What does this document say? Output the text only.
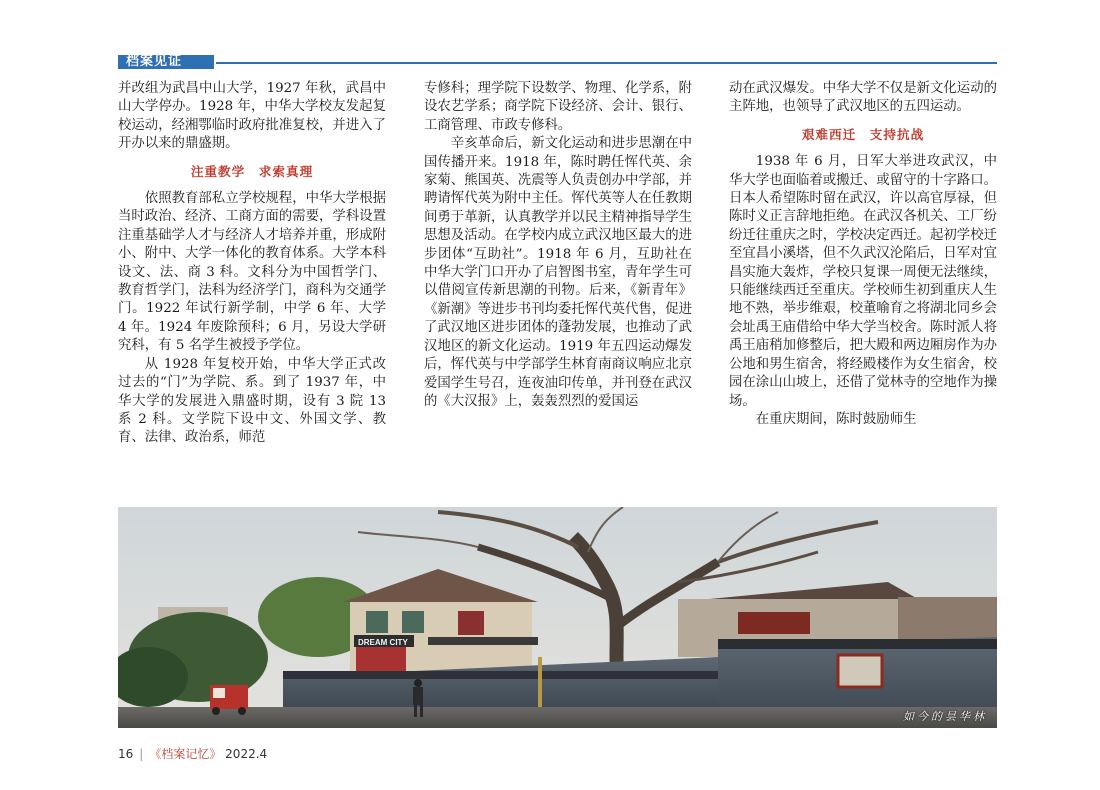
档案见证

并改组为武昌中山大学，1927 年秋，武昌中山大学停办。1928 年，中华大学校友发起复校运动，经湘鄂临时政府批准复校，并进入了开办以来的鼎盛期。

注重教学　求索真理

依照教育部私立学校规程，中华大学根据当时政治、经济、工商方面的需要，学科设置注重基础学人才与经济人才培养并重，形成附小、附中、大学一体化的教育体系。大学本科设文、法、商 3 科。文科分为中国哲学门、教育哲学门，法科为经济学门，商科为交通学门。1922 年试行新学制，中学 6 年、大学 4 年。1924 年废除预科；6 月，另设大学研究科，有 5 名学生被授予学位。

从 1928 年复校开始，中华大学正式改过去的“门”为学院、系。到了 1937 年，中华大学的发展进入鼎盛时期，设有 3 院 13 系 2 科。文学院下设中文、外国文学、教育、法律、政治系，师范

专修科；理学院下设数学、物理、化学系，附设农艺学系；商学院下设经济、会计、银行、工商管理、市政专修科。

辛亥革命后，新文化运动和进步思潮在中国传播开来。1918 年，陈时聘任恽代英、余家菊、熊国英、冼震等人负责创办中学部，并聘请恽代英为附中主任。恽代英等人在任教期间勇于革新，认真教学并以民主精神指导学生思想及活动。在学校内成立武汉地区最大的进步团体“互助社”。1918 年 6 月，互助社在中华大学门口开办了启智图书室，青年学生可以借阅宣传新思潮的刊物。后来，《新青年》《新潮》等进步书刊均委托恽代英代售，促进了武汉地区进步团体的蓬勃发展，也推动了武汉地区的新文化运动。1919 年五四运动爆发后，恽代英与中学部学生林育南商议响应北京爱国学生号召，连夜油印传单，并刊登在武汉的《大汉报》上，轰轰烈烈的爱国运

动在武汉爆发。中华大学不仅是新文化运动的主阵地，也领导了武汉地区的五四运动。

艰难西迁　支持抗战

1938 年 6 月，日军大举进攻武汉，中华大学也面临着或搬迁、或留守的十字路口。日本人希望陈时留在武汉，许以高官厚禄，但陈时义正言辞地拒绝。在武汉各机关、工厂纷纷迁往重庆之时，学校决定西迁。起初学校迁至宜昌小溪塔，但不久武汉沦陷后，日军对宜昌实施大轰炸，学校只复课一周便无法继续，只能继续西迁至重庆。学校师生初到重庆人生地不熟，举步维艰，校董喻育之将湖北同乡会会址禹王庙借给中华大学当校舍。陈时派人将禹王庙稍加修整后，把大殿和两边厢房作为办公地和男生宿舍，将经殿楼作为女生宿舍，校园在涂山山坡上，还借了觉林寺的空地作为操场。

在重庆期间，陈时鼓励师生

DREAM CITY
如今的昙华林
16 | 《档案记忆》 2022.4
